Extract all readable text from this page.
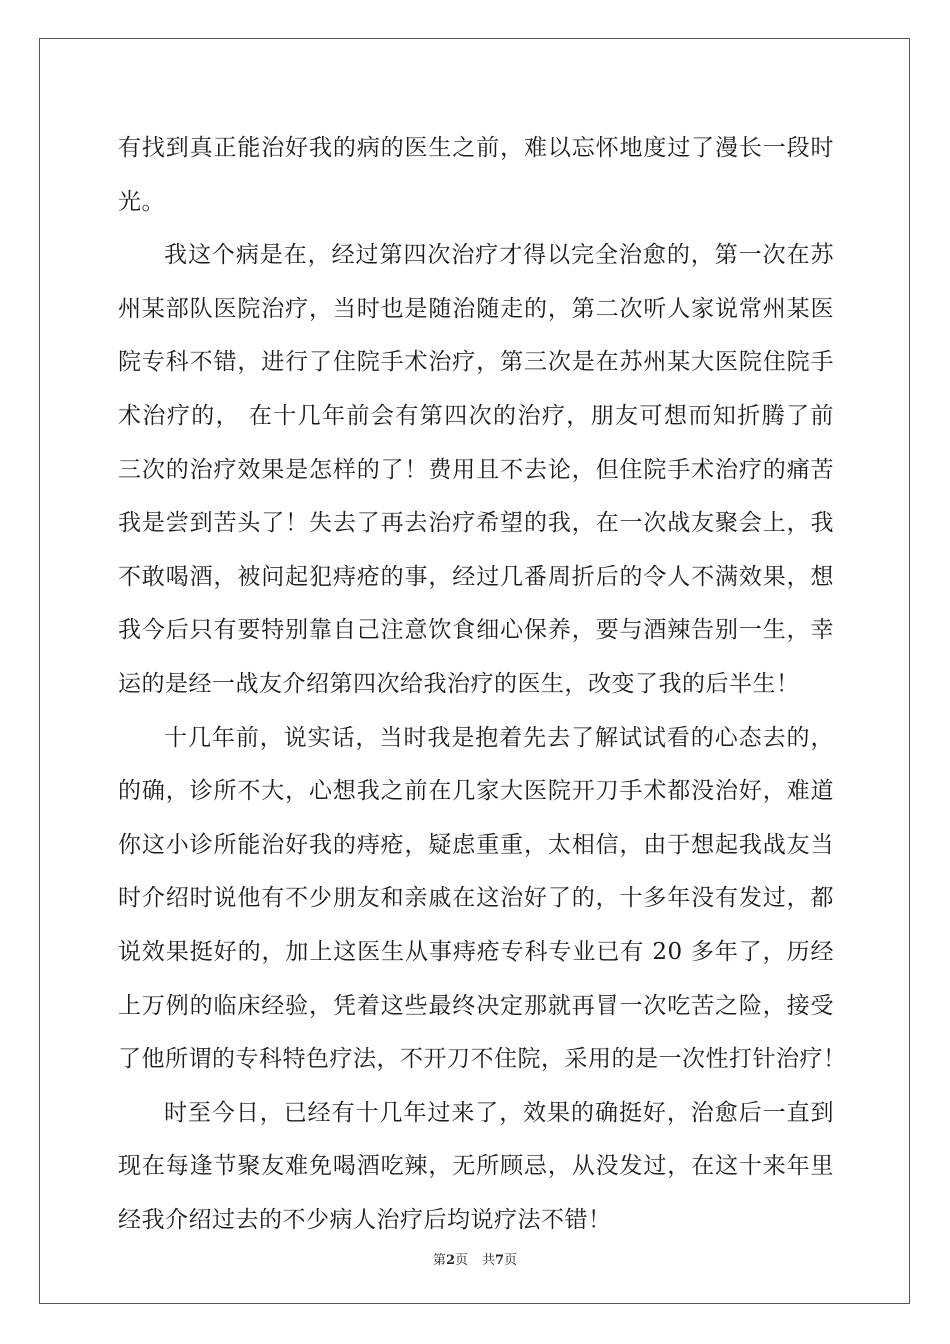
有找到真正能治好我的病的医生之前，难以忘怀地度过了漫长一段时
光。
我这个病是在，经过第四次治疗才得以完全治愈的，第一次在苏
州某部队医院治疗，当时也是随治随走的，第二次听人家说常州某医
院专科不错，进行了住院手术治疗，第三次是在苏州某大医院住院手
术治疗的， 在十几年前会有第四次的治疗，朋友可想而知折腾了前
三次的治疗效果是怎样的了！费用且不去论，但住院手术治疗的痛苦
我是尝到苦头了！失去了再去治疗希望的我，在一次战友聚会上，我
不敢喝酒，被问起犯痔疮的事，经过几番周折后的令人不满效果，想
我今后只有要特别靠自己注意饮食细心保养，要与酒辣告别一生，幸
运的是经一战友介绍第四次给我治疗的医生，改变了我的后半生！
十几年前，说实话，当时我是抱着先去了解试试看的心态去的，
的确，诊所不大，心想我之前在几家大医院开刀手术都没治好，难道
你这小诊所能治好我的痔疮，疑虑重重，太相信，由于想起我战友当
时介绍时说他有不少朋友和亲戚在这治好了的，十多年没有发过，都
说效果挺好的，加上这医生从事痔疮专科专业已有 20 多年了，历经
上万例的临床经验，凭着这些最终决定那就再冒一次吃苦之险，接受
了他所谓的专科特色疗法，不开刀不住院，采用的是一次性打针治疗！
时至今日，已经有十几年过来了，效果的确挺好，治愈后一直到
现在每逢节聚友难免喝酒吃辣，无所顾忌，从没发过，在这十来年里
经我介绍过去的不少病人治疗后均说疗法不错！
第2页 共7页
